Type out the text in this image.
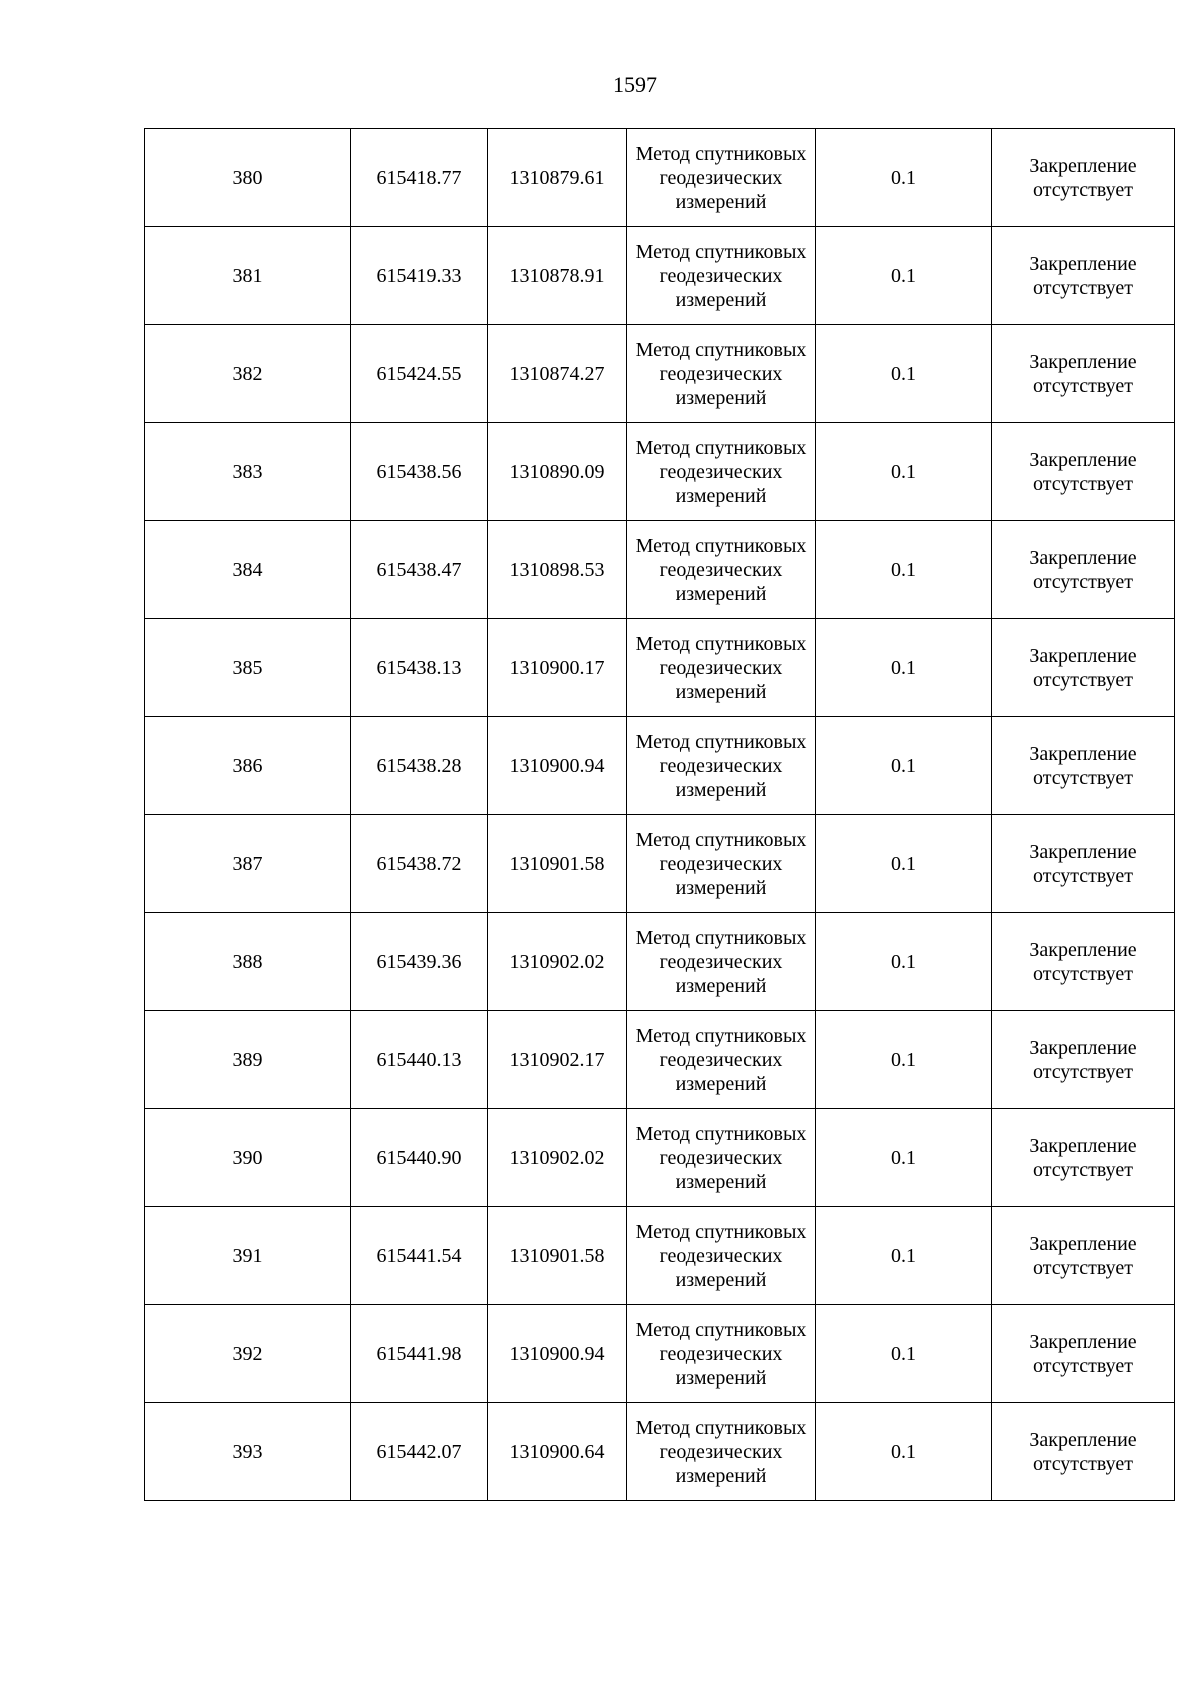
1597
380	615418.77	1310879.61	Метод спутниковых геодезических измерений	0.1	Закрепление отсутствует
381	615419.33	1310878.91	Метод спутниковых геодезических измерений	0.1	Закрепление отсутствует
382	615424.55	1310874.27	Метод спутниковых геодезических измерений	0.1	Закрепление отсутствует
383	615438.56	1310890.09	Метод спутниковых геодезических измерений	0.1	Закрепление отсутствует
384	615438.47	1310898.53	Метод спутниковых геодезических измерений	0.1	Закрепление отсутствует
385	615438.13	1310900.17	Метод спутниковых геодезических измерений	0.1	Закрепление отсутствует
386	615438.28	1310900.94	Метод спутниковых геодезических измерений	0.1	Закрепление отсутствует
387	615438.72	1310901.58	Метод спутниковых геодезических измерений	0.1	Закрепление отсутствует
388	615439.36	1310902.02	Метод спутниковых геодезических измерений	0.1	Закрепление отсутствует
389	615440.13	1310902.17	Метод спутниковых геодезических измерений	0.1	Закрепление отсутствует
390	615440.90	1310902.02	Метод спутниковых геодезических измерений	0.1	Закрепление отсутствует
391	615441.54	1310901.58	Метод спутниковых геодезических измерений	0.1	Закрепление отсутствует
392	615441.98	1310900.94	Метод спутниковых геодезических измерений	0.1	Закрепление отсутствует
393	615442.07	1310900.64	Метод спутниковых геодезических измерений	0.1	Закрепление отсутствует
